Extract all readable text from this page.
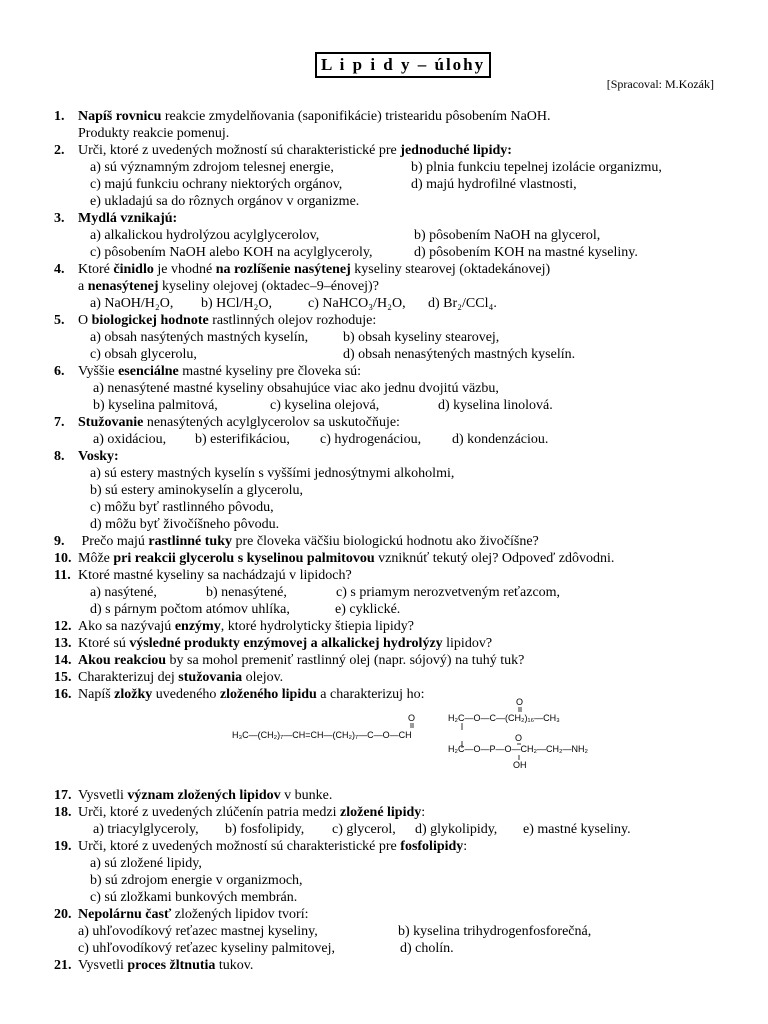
L i p i d y – úlohy
[Spracoval: M.Kozák]
1. Napíš rovnicu reakcie zmydelňovania (saponifikácie) tristearidu pôsobením NaOH.
Produkty reakcie pomenuj.
2. Urči, ktoré z uvedených možností sú charakteristické pre jednoduché lipidy:
a) sú významným zdrojom telesnej energie,	b) plnia funkciu tepelnej izolácie organizmu,
c) majú funkciu ochrany niektorých orgánov,	d) majú hydrofilné vlastnosti,
e) ukladajú sa do rôznych orgánov v organizme.
3. Mydlá vznikajú:
a) alkalickou hydrolýzou acylglycerolov,	b) pôsobením NaOH na glycerol,
c) pôsobením NaOH alebo KOH na acylglyceroly,	d) pôsobením KOH na mastné kyseliny.
4. Ktoré činidlo je vhodné na rozlíšenie nasýtenej kyseliny stearovej (oktadekánovej)
a nenasýtenej kyseliny olejovej (oktadec–9–énovej)?
a) NaOH/H₂O, b) HCl/H₂O,	c) NaHCO₃/H₂O, d) Br₂/CCl₄.
5. O biologickej hodnote rastlinných olejov rozhoduje:
a) obsah nasýtených mastných kyselín, b) obsah kyseliny stearovej,
c) obsah glycerolu,	d) obsah nenasýtených mastných kyselín.
6. Vyššie esenciálne mastné kyseliny pre človeka sú:
a) nenasýtené mastné kyseliny obsahujúce viac ako jednu dvojitú väzbu,
b) kyselina palmitová,	c) kyselina olejová,	d) kyselina linolová.
7. Stužovanie nenasýtených acylglycerolov sa uskutočňuje:
a) oxidáciou, b) esterifikáciou, c) hydrogenáciou, d) kondenzáciou.
8. Vosky:
a) sú estery mastných kyselín s vyššími jednosýtnymi alkoholmi,
b) sú estery aminokyselín a glycerolu,
c) môžu byť rastlinného pôvodu,
d) môžu byť živočíšneho pôvodu.
9. Prečo majú rastlinné tuky pre človeka väčšiu biologickú hodnotu ako živočíšne?
10. Môže pri reakcii glycerolu s kyselinou palmitovou vzniknúť tekutý olej? Odpoveď zdôvodni.
11. Ktoré mastné kyseliny sa nachádzajú v lipidoch?
a) nasýtené,	b) nenasýtené,	c) s priamym nerozvetveným reťazcom,
d) s párnym počtom atómov uhlíka,	e) cyklické.
12. Ako sa nazývajú enzýmy, ktoré hydrolyticky štiepia lipidy?
13. Ktoré sú výsledné produkty enzýmovej a alkalickej hydrolýzy lipidov?
14. Akou reakciou by sa mohol premeniť rastlinný olej (napr. sójový) na tuhý tuk?
15. Charakterizuj dej stužovania olejov.
16. Napíš zložky uvedeného zloženého lipidu a charakterizuj ho:	O
H₂C—O—C—(CH₂)₁₆—CH₃
O
H₃C—(CH₂)₇—CH=CH—(CH₂)₇—C—O—CH
H₂C—O—P—O—CH₂—CH₂—NH₂
O
OH
17. Vysvetli význam zložených lipidov v bunke.
18. Urči, ktoré z uvedených zlúčenín patria medzi zložené lipidy:
a) triacylglyceroly, b) fosfolipidy, c) glycerol, d) glykolipidy, e) mastné kyseliny.
19. Urči, ktoré z uvedených možností sú charakteristické pre fosfolipidy:
a) sú zložené lipidy,
b) sú zdrojom energie v organizmoch,
c) sú zložkami bunkových membrán.
20. Nepolárnu časť zložených lipidov tvorí:
a) uhľovodíkový reťazec mastnej kyseliny,	b) kyselina trihydrogenfosforečná,
c) uhľovodíkový reťazec kyseliny palmitovej,	d) cholín.
21. Vysvetli proces žltnutia tukov.
